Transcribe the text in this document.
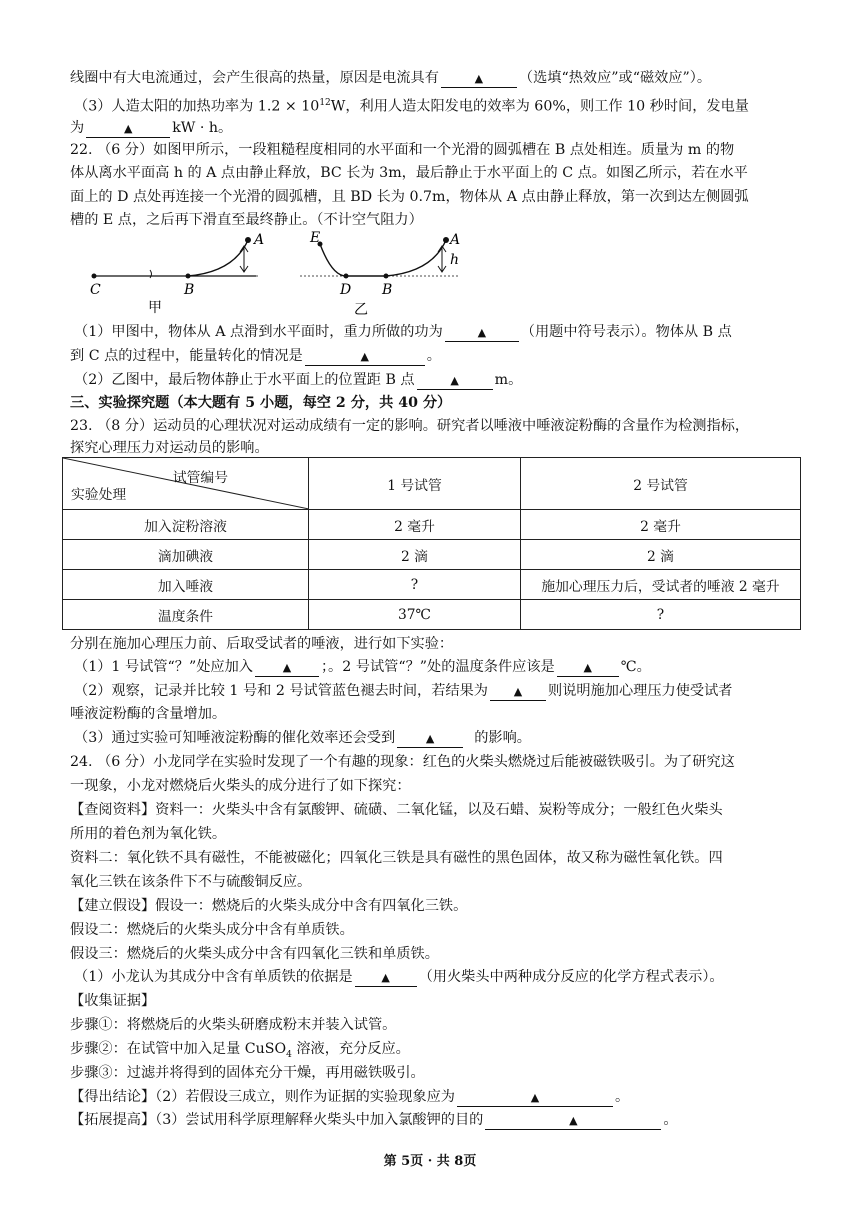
线圈中有大电流通过，会产生很高的热量，原因是电流具有	▲	（选填“热效应”或“磁效应”）。
（3）人造太阳的加热功率为 $1.2 \times 10^{12}W$，利用人造太阳发电的效率为 60%，则工作 10 秒时间，发电量
为	▲	kW · h。
22. （6 分）如图甲所示，一段粗糙程度相同的水平面和一个光滑的圆弧槽在 B 点处相连。质量为 m 的物
体从离水平面高 h 的 A 点由静止释放，BC 长为 3m，最后静止于水平面上的 C 点。如图乙所示，若在水平
面上的 D 点处再连接一个光滑的圆弧槽，且 BD 长为 0.7m，物体从 A 点由静止释放，第一次到达左侧圆弧
槽的 E 点，之后再下滑直至最终静止。（不计空气阻力）
C	B
A
甲
E
D B
A
h
乙
（1）甲图中，物体从 A 点滑到水平面时，重力所做的功为	▲ （用题中符号表示）。物体从 B 点
到 C 点的过程中，能量转化的情况是	▲	。
（2）乙图中，最后物体静止于水平面上的位置距 B 点	▲	m。
三、实验探究题（本大题有 5 小题，每空 2 分，共 40 分）
23. （8 分）运动员的心理状况对运动成绩有一定的影响。研究者以唾液中唾液淀粉酶的含量作为检测指标，
探究心理压力对运动员的影响。
试管编号
实验处理	1 号试管	2 号试管
加入淀粉溶液	2 毫升	2 毫升
滴加碘液	2 滴	2 滴
加入唾液	?	施加心理压力后，受试者的唾液 2 毫升
温度条件	37℃	?
分别在施加心理压力前、后取受试者的唾液，进行如下实验：
（1）1 号试管“？”处应加入	▲ ；。2 号试管“？”处的温度条件应该是	▲ ℃。
（2）观察，记录并比较 1 号和 2 号试管蓝色褪去时间，若结果为 ▲ 则说明施加心理压力使受试者
唾液淀粉酶的含量增加。
（3）通过实验可知唾液淀粉酶的催化效率还会受到	▲	的影响。
24. （6 分）小龙同学在实验时发现了一个有趣的现象：红色的火柴头燃烧过后能被磁铁吸引。为了研究这
一现象，小龙对燃烧后火柴头的成分进行了如下探究：
【查阅资料】资料一：火柴头中含有氯酸钾、硫磺、二氧化锰，以及石蜡、炭粉等成分；一般红色火柴头
所用的着色剂为氧化铁。
资料二：氧化铁不具有磁性，不能被磁化；四氧化三铁是具有磁性的黑色固体，故又称为磁性氧化铁。四
氧化三铁在该条件下不与硫酸铜反应。
【建立假设】假设一：燃烧后的火柴头成分中含有四氧化三铁。
假设二：燃烧后的火柴头成分中含有单质铁。
假设三：燃烧后的火柴头成分中含有四氧化三铁和单质铁。
（1）小龙认为其成分中含有单质铁的依据是	▲ （用火柴头中两种成分反应的化学方程式表示）。
【收集证据】
步骤①：将燃烧后的火柴头研磨成粉末并装入试管。
步骤②：在试管中加入足量 CuSO$_4$ 溶液，充分反应。
步骤③：过滤并将得到的固体充分干燥，再用磁铁吸引。
【得出结论】（2）若假设三成立，则作为证据的实验现象应为	▲	。
【拓展提高】（3）尝试用科学原理解释火柴头中加入氯酸钾的目的	▲	。
第 5页 · 共 8页
